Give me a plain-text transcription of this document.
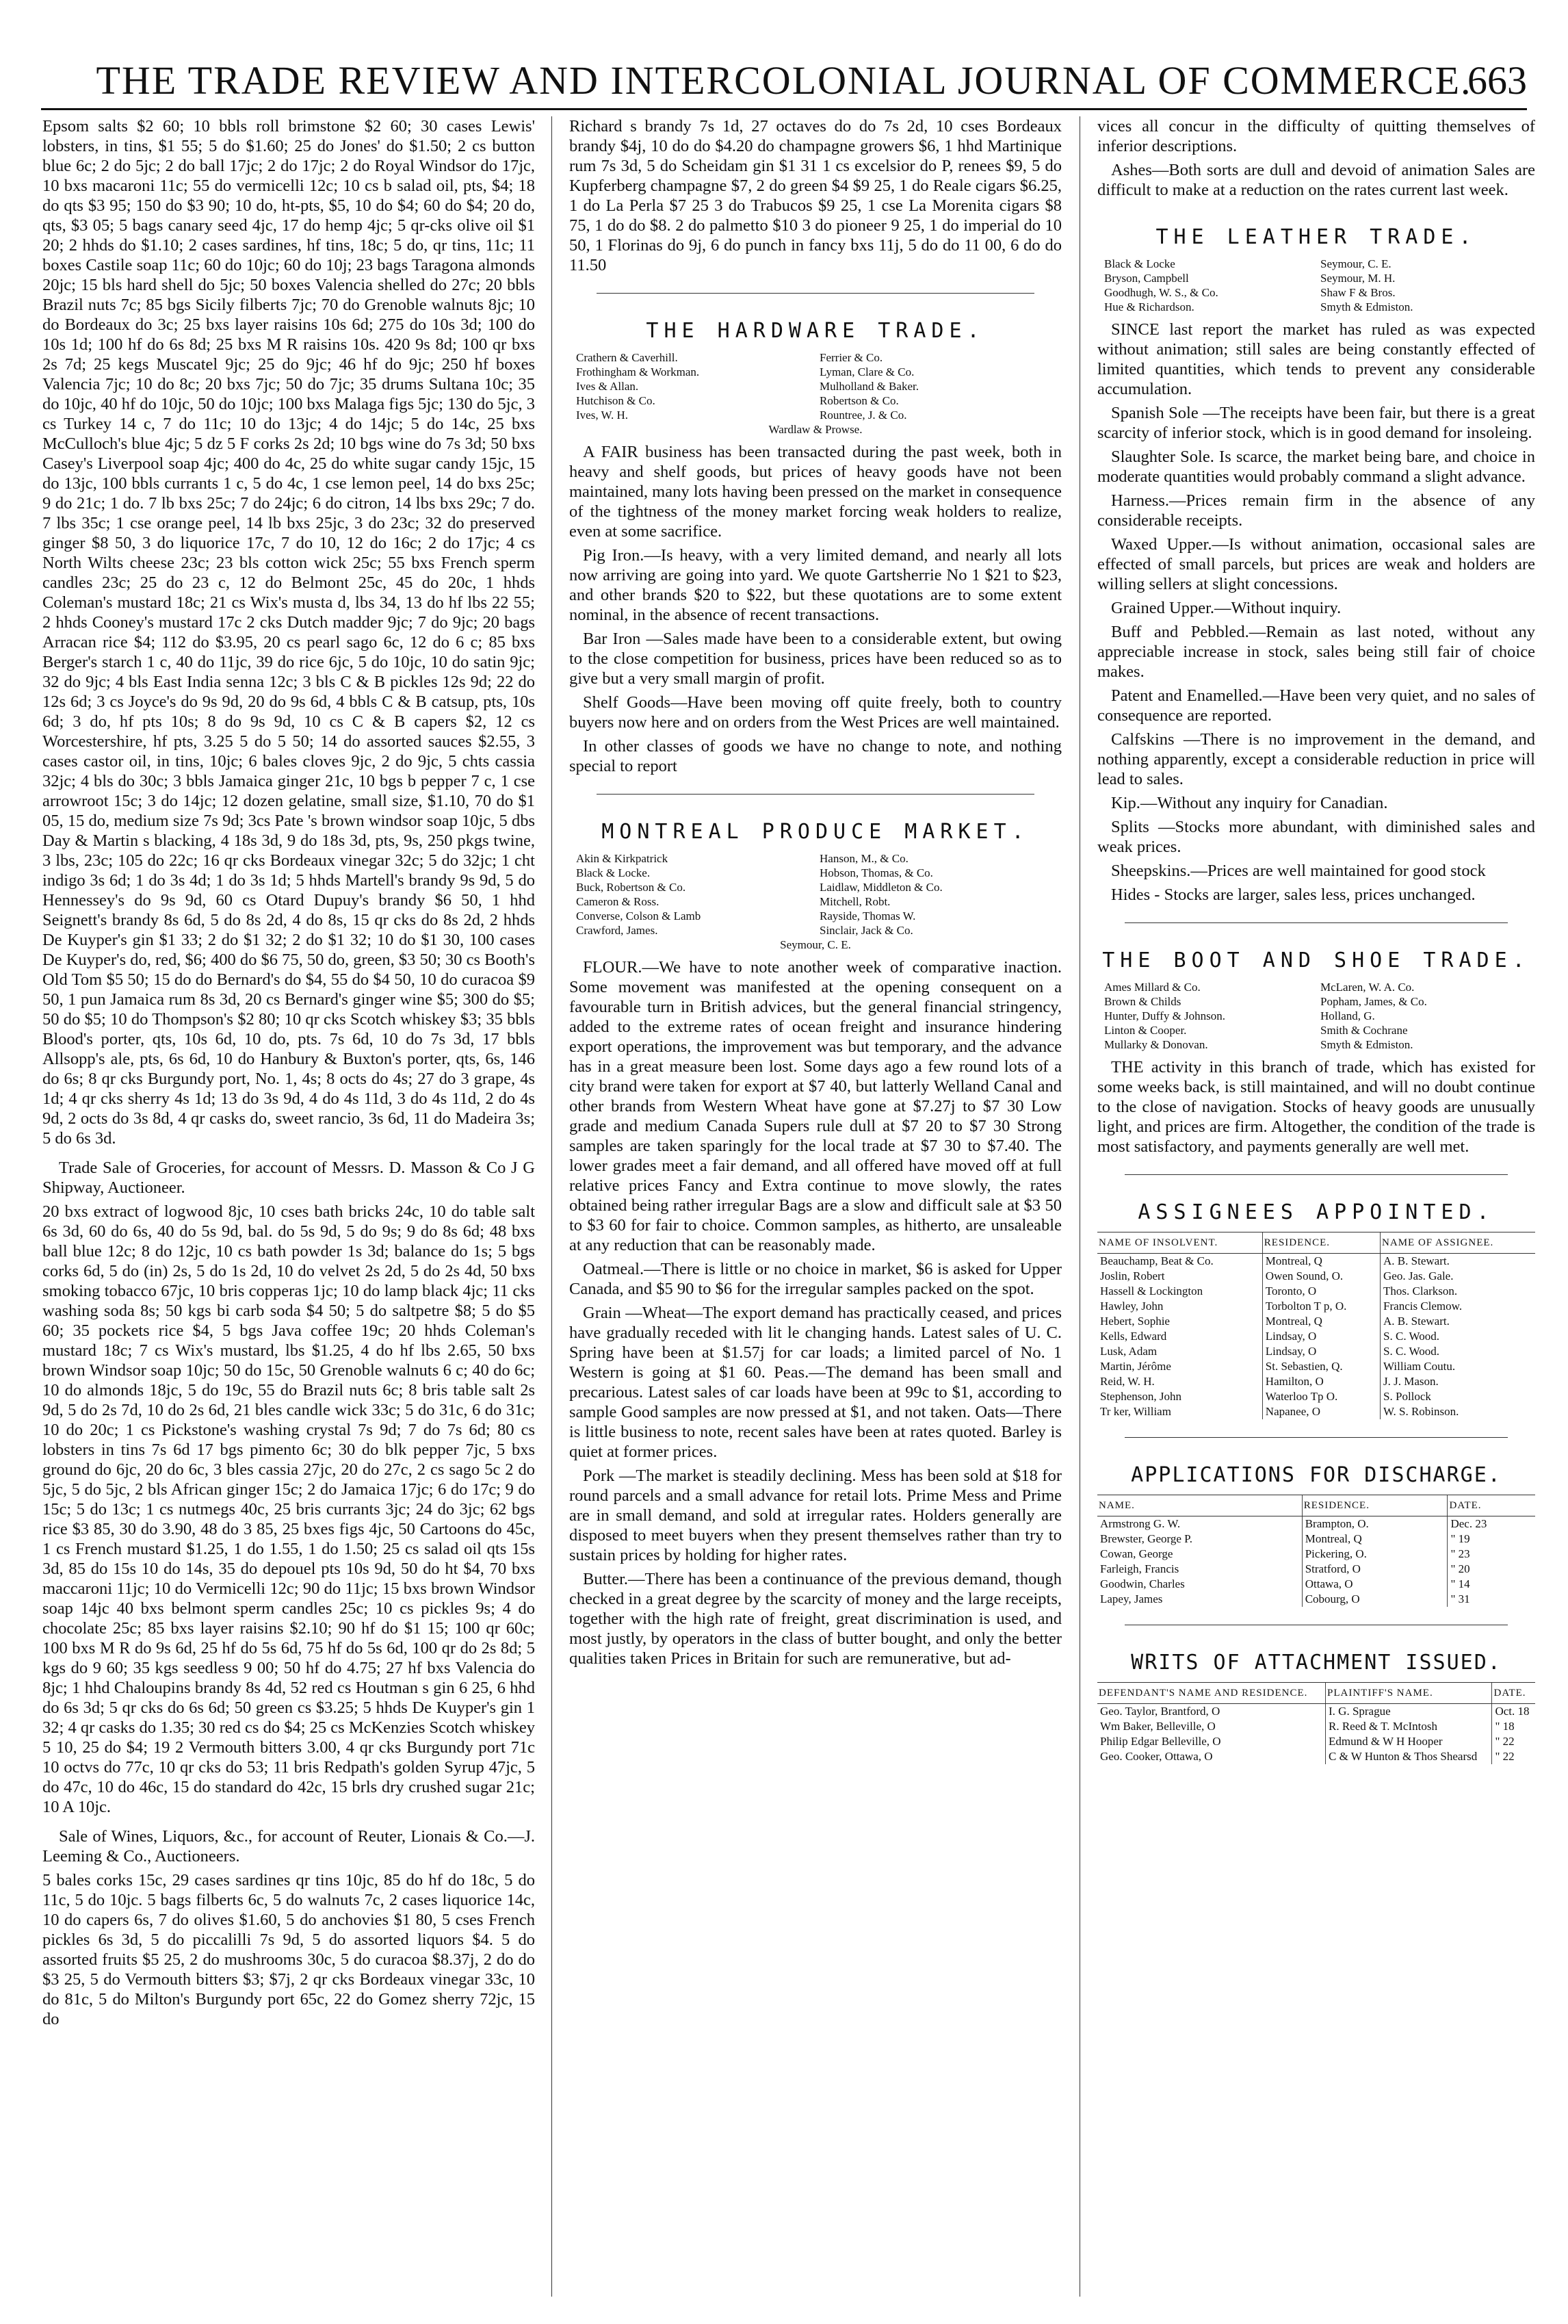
THE TRADE REVIEW AND INTERCOLONIAL JOURNAL OF COMMERCE.
663

Epsom salts $2 60; 10 bbls roll brimstone $2 60; 30 cases Lewis' lobsters, in tins, $1 55; 5 do $1.60; 25 do Jones' do $1.50; 2 cs button blue 6c; 2 do 5jc; 2 do ball 17jc; 2 do 17jc; 2 do Royal Windsor do 17jc, 10 bxs macaroni 11c; 55 do vermicelli 12c; 10 cs b salad oil, pts, $4; 18 do qts $3 95; 150 do $3 90; 10 do, ht-pts, $5, 10 do $4; 60 do $4; 20 do, qts, $3 05; 5 bags canary seed 4jc, 17 do hemp 4jc; 5 qr-cks olive oil $1 20; 2 hhds do $1.10; 2 cases sardines, hf tins, 18c; 5 do, qr tins, 11c; 11 boxes Castile soap 11c; 60 do 10jc; 60 do 10j; 23 bags Taragona almonds 20jc; 15 bls hard shell do 5jc; 50 boxes Valencia shelled do 27c; 20 bbls Brazil nuts 7c; 85 bgs Sicily filberts 7jc; 70 do Grenoble walnuts 8jc; 10 do Bordeaux do 3c; 25 bxs layer raisins 10s 6d; 275 do 10s 3d; 100 do 10s 1d; 100 hf do 6s 8d; 25 bxs M R raisins 10s. 420 9s 8d; 100 qr bxs 2s 7d; 25 kegs Muscatel 9jc; 25 do 9jc; 46 hf do 9jc; 250 hf boxes Valencia 7jc; 10 do 8c; 20 bxs 7jc; 50 do 7jc; 35 drums Sultana 10c; 35 do 10jc, 40 hf do 10jc, 50 do 10jc; 100 bxs Malaga figs 5jc; 130 do 5jc, 3 cs Turkey 14 c, 7 do 11c; 10 do 13jc; 4 do 14jc; 5 do 14c, 25 bxs McCulloch's blue 4jc; 5 dz 5 F corks 2s 2d; 10 bgs wine do 7s 3d; 50 bxs Casey's Liverpool soap 4jc; 400 do 4c, 25 do white sugar candy 15jc, 15 do 13jc, 100 bbls currants 1 c, 5 do 4c, 1 cse lemon peel, 14 do bxs 25c; 9 do 21c; 1 do. 7 lb bxs 25c; 7 do 24jc; 6 do citron, 14 lbs bxs 29c; 7 do. 7 lbs 35c; 1 cse orange peel, 14 lb bxs 25jc, 3 do 23c; 32 do preserved ginger $8 50, 3 do liquorice 17c, 7 do 10, 12 do 16c; 2 do 17jc; 4 cs North Wilts cheese 23c; 23 bls cotton wick 25c; 55 bxs French sperm candles 23c; 25 do 23 c, 12 do Belmont 25c, 45 do 20c, 1 hhds Coleman's mustard 18c; 21 cs Wix's musta d, lbs 34, 13 do hf lbs 22 55; 2 hhds Cooney's mustard 17c 2 cks Dutch madder 9jc; 7 do 9jc; 20 bags Arracan rice $4; 112 do $3.95, 20 cs pearl sago 6c, 12 do 6 c; 85 bxs Berger's starch 1 c, 40 do 11jc, 39 do rice 6jc, 5 do 10jc, 10 do satin 9jc; 32 do 9jc; 4 bls East India senna 12c; 3 bls C & B pickles 12s 9d; 22 do 12s 6d; 3 cs Joyce's do 9s 9d, 20 do 9s 6d, 4 bbls C & B catsup, pts, 10s 6d; 3 do, hf pts 10s; 8 do 9s 9d, 10 cs C & B capers $2, 12 cs Worcestershire, hf pts, 3.25 5 do 5 50; 14 do assorted sauces $2.55, 3 cases castor oil, in tins, 10jc; 6 bales cloves 9jc, 2 do 9jc, 5 chts cassia 32jc; 4 bls do 30c; 3 bbls Jamaica ginger 21c, 10 bgs b pepper 7 c, 1 cse arrowroot 15c; 3 do 14jc; 12 dozen gelatine, small size, $1.10, 70 do $1 05, 15 do, medium size 7s 9d; 3cs Pate 's brown windsor soap 10jc, 5 dbs Day & Martin s blacking, 4 18s 3d, 9 do 18s 3d, pts, 9s, 250 pkgs twine, 3 lbs, 23c; 105 do 22c; 16 qr cks Bordeaux vinegar 32c; 5 do 32jc; 1 cht indigo 3s 6d; 1 do 3s 4d; 1 do 3s 1d; 5 hhds Martell's brandy 9s 9d, 5 do Hennessey's do 9s 9d, 60 cs Otard Dupuy's brandy $6 50, 1 hhd Seignett's brandy 8s 6d, 5 do 8s 2d, 4 do 8s, 15 qr cks do 8s 2d, 2 hhds De Kuyper's gin $1 33; 2 do $1 32; 2 do $1 32; 10 do $1 30, 100 cases De Kuyper's do, red, $6; 400 do $6 75, 50 do, green, $3 50; 30 cs Booth's Old Tom $5 50; 15 do do Bernard's do $4, 55 do $4 50, 10 do curacoa $9 50, 1 pun Jamaica rum 8s 3d, 20 cs Bernard's ginger wine $5; 300 do $5; 50 do $5; 10 do Thompson's $2 80; 10 qr cks Scotch whiskey $3; 35 bbls Blood's porter, qts, 10s 6d, 10 do, pts. 7s 6d, 10 do 7s 3d, 17 bbls Allsopp's ale, pts, 6s 6d, 10 do Hanbury & Buxton's porter, qts, 6s, 146 do 6s; 8 qr cks Burgundy port, No. 1, 4s; 8 octs do 4s; 27 do 3 grape, 4s 1d; 4 qr cks sherry 4s 1d; 13 do 3s 9d, 4 do 4s 11d, 3 do 4s 11d, 2 do 4s 9d, 2 octs do 3s 8d, 4 qr casks do, sweet rancio, 3s 6d, 11 do Madeira 3s; 5 do 6s 3d.

Trade Sale of Groceries, for account of Messrs. D. Masson & Co J G Shipway, Auctioneer.

20 bxs extract of logwood 8jc, 10 cses bath bricks 24c, 10 do table salt 6s 3d, 60 do 6s, 40 do 5s 9d, bal. do 5s 9d, 5 do 9s; 9 do 8s 6d; 48 bxs ball blue 12c; 8 do 12jc, 10 cs bath powder 1s 3d; balance do 1s; 5 bgs corks 6d, 5 do (in) 2s, 5 do 1s 2d, 10 do velvet 2s 2d, 5 do 2s 4d, 50 bxs smoking tobacco 67jc, 10 bris copperas 1jc; 10 do lamp black 4jc; 11 cks washing soda 8s; 50 kgs bi carb soda $4 50; 5 do saltpetre $8; 5 do $5 60; 35 pockets rice $4, 5 bgs Java coffee 19c; 20 hhds Coleman's mustard 18c; 7 cs Wix's mustard, lbs $1.25, 4 do hf lbs 2.65, 50 bxs brown Windsor soap 10jc; 50 do 15c, 50 Grenoble walnuts 6 c; 40 do 6c; 10 do almonds 18jc, 5 do 19c, 55 do Brazil nuts 6c; 8 bris table salt 2s 9d, 5 do 2s 7d, 10 do 2s 6d, 21 bles candle wick 33c; 5 do 31c, 6 do 31c; 10 do 20c; 1 cs Pickstone's washing crystal 7s 9d; 7 do 7s 6d; 80 cs lobsters in tins 7s 6d 17 bgs pimento 6c; 30 do blk pepper 7jc, 5 bxs ground do 6jc, 20 do 6c, 3 bles cassia 27jc, 20 do 27c, 2 cs sago 5c 2 do 5jc, 5 do 5jc, 2 bls African ginger 15c; 2 do Jamaica 17jc; 6 do 17c; 9 do 15c; 5 do 13c; 1 cs nutmegs 40c, 25 bris currants 3jc; 24 do 3jc; 62 bgs rice $3 85, 30 do 3.90, 48 do 3 85, 25 bxes figs 4jc, 50 Cartoons do 45c, 1 cs French mustard $1.25, 1 do 1.55, 1 do 1.50; 25 cs salad oil qts 15s 3d, 85 do 15s 10 do 14s, 35 do depouel pts 10s 9d, 50 do ht $4, 70 bxs maccaroni 11jc; 10 do Vermicelli 12c; 90 do 11jc; 15 bxs brown Windsor soap 14jc 40 bxs belmont sperm candles 25c; 10 cs pickles 9s; 4 do chocolate 25c; 85 bxs layer raisins $2.10; 90 hf do $1 15; 100 qr 60c; 100 bxs M R do 9s 6d, 25 hf do 5s 6d, 75 hf do 5s 6d, 100 qr do 2s 8d; 5 kgs do 9 60; 35 kgs seedless 9 00; 50 hf do 4.75; 27 hf bxs Valencia do 8jc; 1 hhd Chaloupins brandy 8s 4d, 52 red cs Houtman s gin 6 25, 6 hhd do 6s 3d; 5 qr cks do 6s 6d; 50 green cs $3.25; 5 hhds De Kuyper's gin 1 32; 4 qr casks do 1.35; 30 red cs do $4; 25 cs McKenzies Scotch whiskey 5 10, 25 do $4; 19 2 Vermouth bitters 3.00, 4 qr cks Burgundy port 71c 10 octvs do 77c, 10 qr cks do 53; 11 bris Redpath's golden Syrup 47jc, 5 do 47c, 10 do 46c, 15 do standard do 42c, 15 brls dry crushed sugar 21c; 10 A 10jc.

Sale of Wines, Liquors, &c., for account of Reuter, Lionais & Co.—J. Leeming & Co., Auctioneers.

5 bales corks 15c, 29 cases sardines qr tins 10jc, 85 do hf do 18c, 5 do 11c, 5 do 10jc. 5 bags filberts 6c, 5 do walnuts 7c, 2 cases liquorice 14c, 10 do capers 6s, 7 do olives $1.60, 5 do anchovies $1 80, 5 cses French pickles 6s 3d, 5 do piccalilli 7s 9d, 5 do assorted liquors $4. 5 do assorted fruits $5 25, 2 do mushrooms 30c, 5 do curacoa $8.37j, 2 do do $3 25, 5 do Vermouth bitters $3; $7j, 2 qr cks Bordeaux vinegar 33c, 10 do 81c, 5 do Milton's Burgundy port 65c, 22 do Gomez sherry 72jc, 15 do

Richard s brandy 7s 1d, 27 octaves do do 7s 2d, 10 cses Bordeaux brandy $4j, 10 do do $4.20 do champagne growers $6, 1 hhd Martinique rum 7s 3d, 5 do Scheidam gin $1 31 1 cs excelsior do P, renees $9, 5 do Kupferberg champagne $7, 2 do green $4 $9 25, 1 do Reale cigars $6.25, 1 do La Perla $7 25 3 do Trabucos $9 25, 1 cse La Morenita cigars $8 75, 1 do do $8. 2 do palmetto $10 3 do pioneer 9 25, 1 do imperial do 10 50, 1 Florinas do 9j, 6 do punch in fancy bxs 11j, 5 do do 11 00, 6 do do 11.50

THE HARDWARE TRADE.
Crathern & Caverhill.	Ferrier & Co.
Frothingham & Workman.	Lyman, Clare & Co.
Ives & Allan.	Mulholland & Baker.
Hutchison & Co.	Robertson & Co.
Ives, W. H.	Rountree, J. & Co.
Wardlaw & Prowse.

A FAIR business has been transacted during the past week, both in heavy and shelf goods, but prices of heavy goods have not been maintained, many lots having been pressed on the market in consequence of the tightness of the money market forcing weak holders to realize, even at some sacrifice.

Pig Iron.—Is heavy, with a very limited demand, and nearly all lots now arriving are going into yard. We quote Gartsherrie No 1 $21 to $23, and other brands $20 to $22, but these quotations are to some extent nominal, in the absence of recent transactions.

Bar Iron —Sales made have been to a considerable extent, but owing to the close competition for business, prices have been reduced so as to give but a very small margin of profit.

Shelf Goods—Have been moving off quite freely, both to country buyers now here and on orders from the West Prices are well maintained.

In other classes of goods we have no change to note, and nothing special to report

MONTREAL PRODUCE MARKET.
Akin & Kirkpatrick	Hanson, M., & Co.
Black & Locke.	Hobson, Thomas, & Co.
Buck, Robertson & Co.	Laidlaw, Middleton & Co.
Cameron & Ross.	Mitchell, Robt.
Converse, Colson & Lamb	Rayside, Thomas W.
Crawford, James.	Sinclair, Jack & Co.
Seymour, C. E.

FLOUR.—We have to note another week of comparative inaction. Some movement was manifested at the opening consequent on a favourable turn in British advices, but the general financial stringency, added to the extreme rates of ocean freight and insurance hindering export operations, the improvement was but temporary, and the advance has in a great measure been lost. Some days ago a few round lots of a city brand were taken for export at $7 40, but latterly Welland Canal and other brands from Western Wheat have gone at $7.27j to $7 30 Low grade and medium Canada Supers rule dull at $7 20 to $7 30 Strong samples are taken sparingly for the local trade at $7 30 to $7.40. The lower grades meet a fair demand, and all offered have moved off at full relative prices Fancy and Extra continue to move slowly, the rates obtained being rather irregular Bags are a slow and difficult sale at $3 50 to $3 60 for fair to choice. Common samples, as hitherto, are unsaleable at any reduction that can be reasonably made.

Oatmeal.—There is little or no choice in market, $6 is asked for Upper Canada, and $5 90 to $6 for the irregular samples packed on the spot.

Grain —Wheat—The export demand has practically ceased, and prices have gradually receded with lit le changing hands. Latest sales of U. C. Spring have been at $1.57j for car loads; a limited parcel of No. 1 Western is going at $1 60. Peas.—The demand has been small and precarious. Latest sales of car loads have been at 99c to $1, according to sample Good samples are now pressed at $1, and not taken. Oats—There is little business to note, recent sales have been at rates quoted. Barley is quiet at former prices.

Pork —The market is steadily declining. Mess has been sold at $18 for round parcels and a small advance for retail lots. Prime Mess and Prime are in small demand, and sold at irregular rates. Holders generally are disposed to meet buyers when they present themselves rather than try to sustain prices by holding for higher rates.

Butter.—There has been a continuance of the previous demand, though checked in a great degree by the scarcity of money and the large receipts, together with the high rate of freight, great discrimination is used, and most justly, by operators in the class of butter bought, and only the better qualities taken Prices in Britain for such are remunerative, but ad-

vices all concur in the difficulty of quitting themselves of inferior descriptions.

Ashes—Both sorts are dull and devoid of animation Sales are difficult to make at a reduction on the rates current last week.

THE LEATHER TRADE.
Black & Locke	Seymour, C. E.
Bryson, Campbell	Seymour, M. H.
Goodhugh, W. S., & Co.	Shaw F & Bros.
Hue & Richardson.	Smyth & Edmiston.

SINCE last report the market has ruled as was expected without animation; still sales are being constantly effected of limited quantities, which tends to prevent any considerable accumulation.

Spanish Sole —The receipts have been fair, but there is a great scarcity of inferior stock, which is in good demand for insoleing.

Slaughter Sole. Is scarce, the market being bare, and choice in moderate quantities would probably command a slight advance.

Harness.—Prices remain firm in the absence of any considerable receipts.

Waxed Upper.—Is without animation, occasional sales are effected of small parcels, but prices are weak and holders are willing sellers at slight concessions.

Grained Upper.—Without inquiry.

Buff and Pebbled.—Remain as last noted, without any appreciable increase in stock, sales being still fair of choice makes.

Patent and Enamelled.—Have been very quiet, and no sales of consequence are reported.

Calfskins —There is no improvement in the demand, and nothing apparently, except a considerable reduction in price will lead to sales.

Kip.—Without any inquiry for Canadian.

Splits —Stocks more abundant, with diminished sales and weak prices.

Sheepskins.—Prices are well maintained for good stock

Hides - Stocks are larger, sales less, prices unchanged.

THE BOOT AND SHOE TRADE.
Ames Millard & Co.	McLaren, W. A. Co.
Brown & Childs	Popham, James, & Co.
Hunter, Duffy & Johnson.	Holland, G.
Linton & Cooper.	Smith & Cochrane
Mullarky & Donovan.	Smyth & Edmiston.

THE activity in this branch of trade, which has existed for some weeks back, is still maintained, and will no doubt continue to the close of navigation. Stocks of heavy goods are unusually light, and prices are firm. Altogether, the condition of the trade is most satisfactory, and payments generally are well met.

ASSIGNEES APPOINTED.
NAME OF INSOLVENT.	RESIDENCE.	NAME OF ASSIGNEE.
Beauchamp, Beat & Co.	Montreal, Q	A. B. Stewart.
Joslin, Robert	Owen Sound, O.	Geo. Jas. Gale.
Hassell & Lockington	Toronto, O	Thos. Clarkson.
Hawley, John	Torbolton T p, O.	Francis Clemow.
Hebert, Sophie	Montreal, Q	A. B. Stewart.
Kells, Edward	Lindsay, O	S. C. Wood.
Lusk, Adam	Lindsay, O	S. C. Wood.
Martin, Jérôme	St. Sebastien, Q.	William Coutu.
Reid, W. H.	Hamilton, O	J. J. Mason.
Stephenson, John	Waterloo Tp O.	S. Pollock
Tr ker, William	Napanee, O	W. S. Robinson.
APPLICATIONS FOR DISCHARGE.
NAME.	RESIDENCE.	DATE.
Armstrong G. W.	Brampton, O.	Dec. 23
Brewster, George P.	Montreal, Q	" 19
Cowan, George	Pickering, O.	" 23
Farleigh, Francis	Stratford, O	" 20
Goodwin, Charles	Ottawa, O	" 14
Lapey, James	Cobourg, O	" 31
WRITS OF ATTACHMENT ISSUED.
DEFENDANT'S NAME AND RESIDENCE.	PLAINTIFF'S NAME.	DATE.
Geo. Taylor, Brantford, O	I. G. Sprague	Oct. 18
Wm Baker, Belleville, O	R. Reed & T. McIntosh	" 18
Philip Edgar Belleville, O	Edmund & W H Hooper	" 22
Geo. Cooker, Ottawa, O	C & W Hunton & Thos Shearsd	" 22
